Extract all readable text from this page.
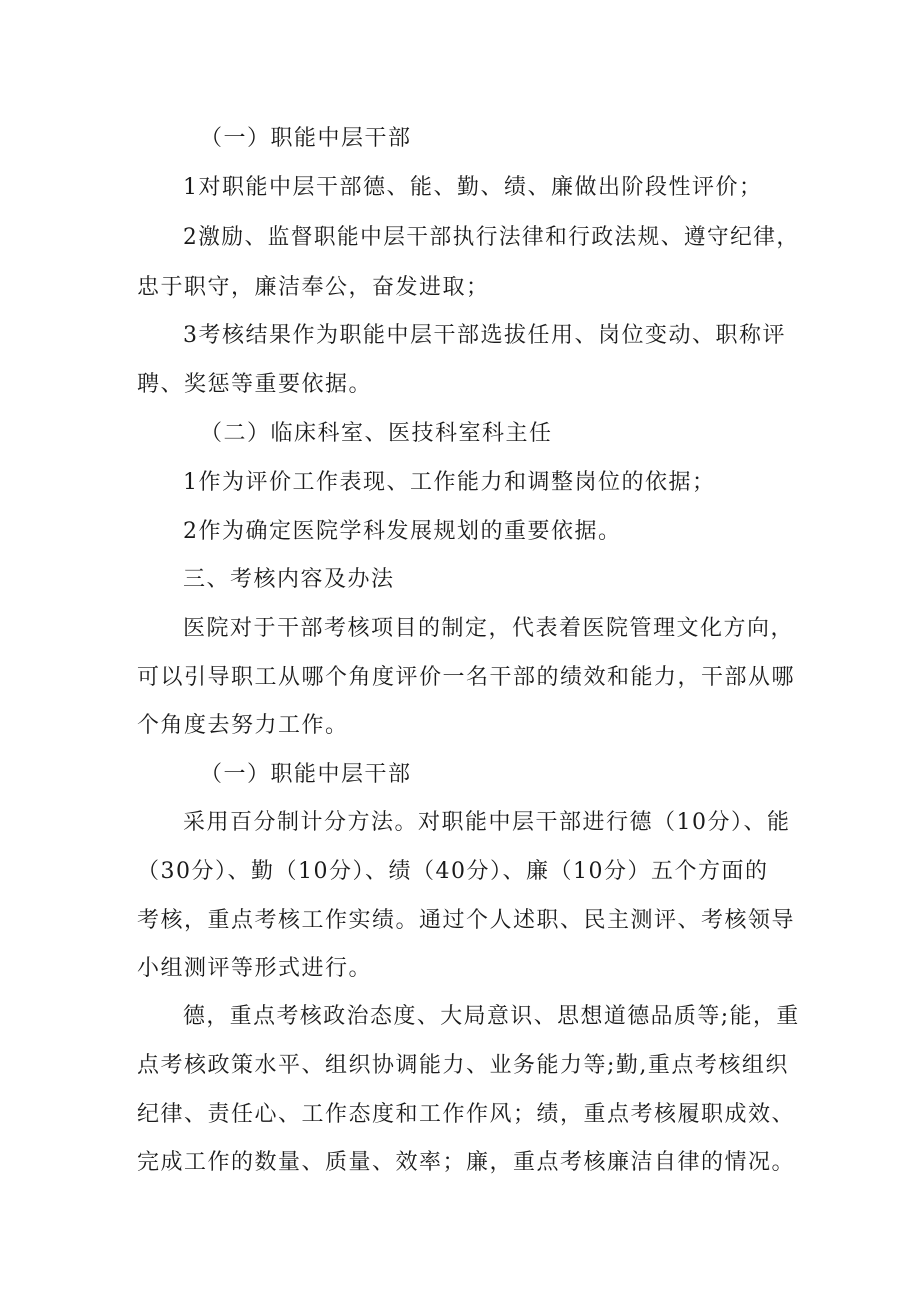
（一）职能中层干部
1对职能中层干部德、能、勤、绩、廉做出阶段性评价；
2激励、监督职能中层干部执行法律和行政法规、遵守纪律，
忠于职守，廉洁奉公，奋发进取；
3考核结果作为职能中层干部选拔任用、岗位变动、职称评
聘、奖惩等重要依据。
（二）临床科室、医技科室科主任
1作为评价工作表现、工作能力和调整岗位的依据；
2作为确定医院学科发展规划的重要依据。
三、考核内容及办法
医院对于干部考核项目的制定，代表着医院管理文化方向，
可以引导职工从哪个角度评价一名干部的绩效和能力，干部从哪
个角度去努力工作。
（一）职能中层干部
采用百分制计分方法。对职能中层干部进行德（10分）、能
（30分）、勤（10分）、绩（40分）、廉（10分）五个方面的
考核，重点考核工作实绩。通过个人述职、民主测评、考核领导
小组测评等形式进行。
德，重点考核政治态度、大局意识、思想道德品质等;能，重
点考核政策水平、组织协调能力、业务能力等;勤,重点考核组织
纪律、责任心、工作态度和工作作风；绩，重点考核履职成效、
完成工作的数量、质量、效率；廉，重点考核廉洁自律的情况。
